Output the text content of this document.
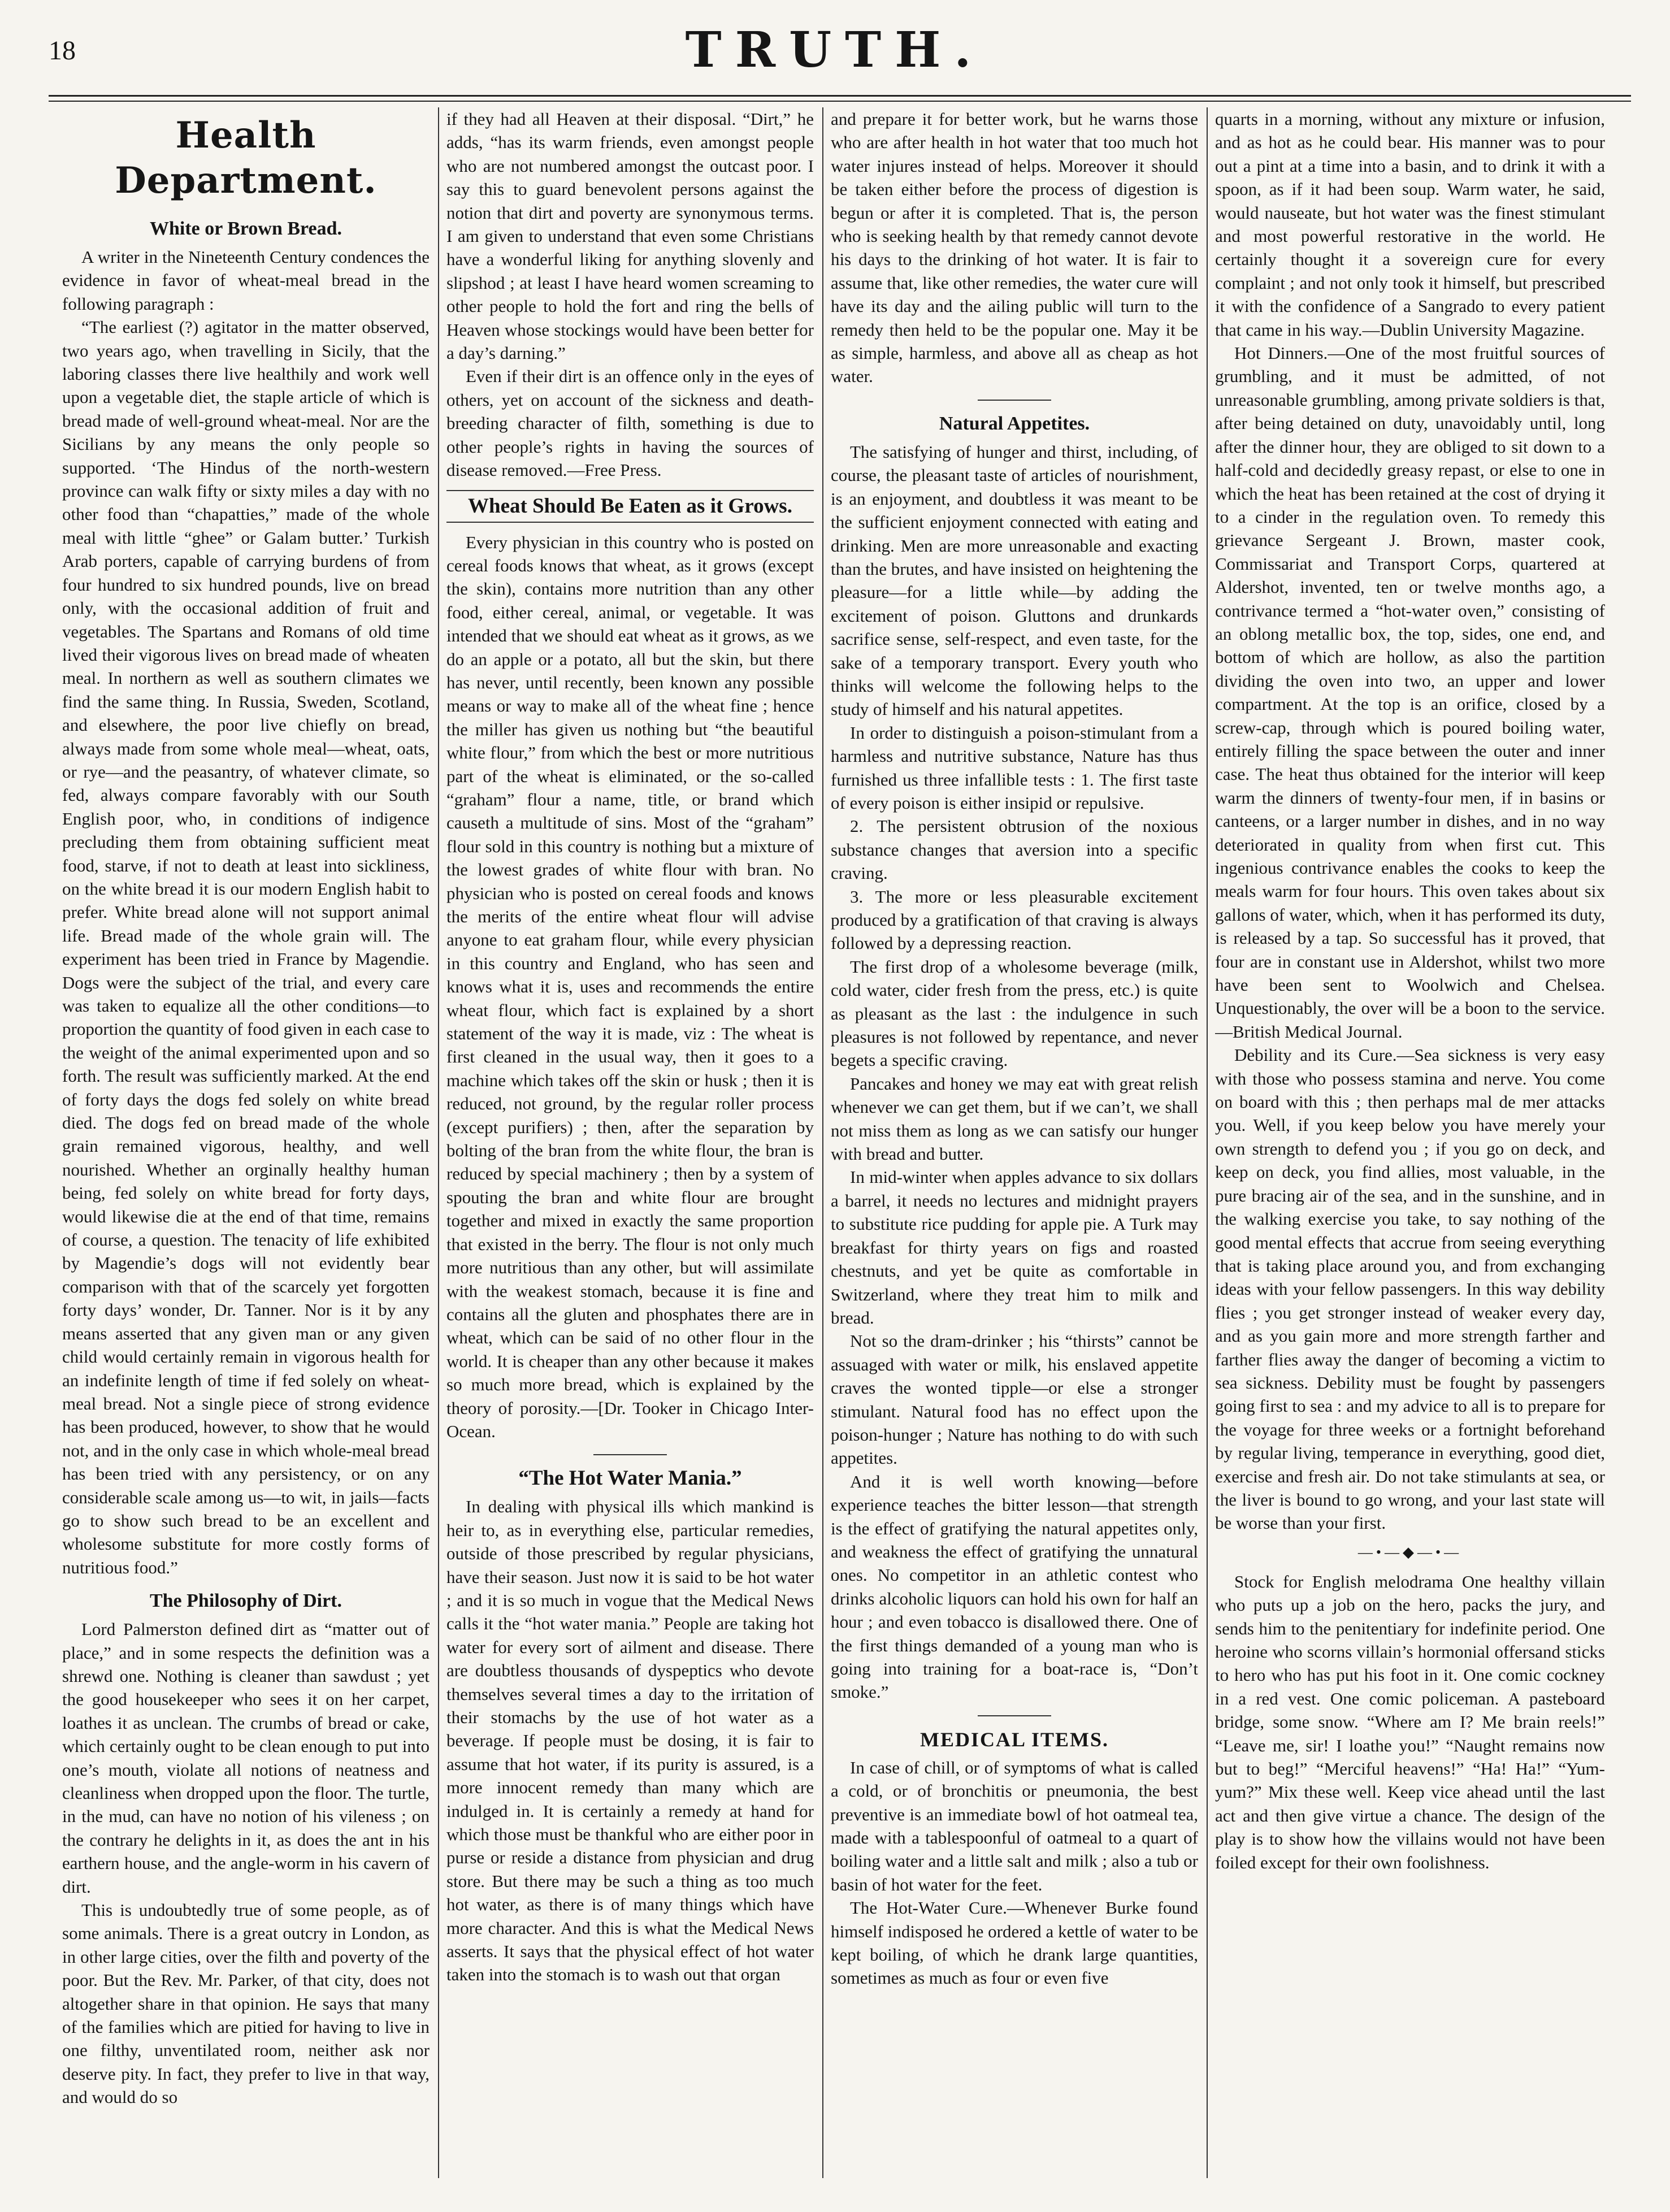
18	TRUTH.
Health Department.
White or Brown Bread.

A writer in the Nineteenth Century condences the evidence in favor of wheat-meal bread in the following paragraph :

“The earliest (?) agitator in the matter observed, two years ago, when travelling in Sicily, that the laboring classes there live healthily and work well upon a vegetable diet, the staple article of which is bread made of well-ground wheat-meal. Nor are the Sicilians by any means the only people so supported. ‘The Hindus of the north-western province can walk fifty or sixty miles a day with no other food than “chapatties,” made of the whole meal with little “ghee” or Galam butter.’ Turkish Arab porters, capable of carrying burdens of from four hundred to six hundred pounds, live on bread only, with the occasional addition of fruit and vegetables. The Spartans and Romans of old time lived their vigorous lives on bread made of wheaten meal. In northern as well as southern climates we find the same thing. In Russia, Sweden, Scotland, and elsewhere, the poor live chiefly on bread, always made from some whole meal—wheat, oats, or rye—and the peasantry, of whatever climate, so fed, always compare favorably with our South English poor, who, in conditions of indigence precluding them from obtaining sufficient meat food, starve, if not to death at least into sickliness, on the white bread it is our modern English habit to prefer. White bread alone will not support animal life. Bread made of the whole grain will. The experiment has been tried in France by Magendie. Dogs were the subject of the trial, and every care was taken to equalize all the other conditions—to proportion the quantity of food given in each case to the weight of the animal experimented upon and so forth. The result was sufficiently marked. At the end of forty days the dogs fed solely on white bread died. The dogs fed on bread made of the whole grain remained vigorous, healthy, and well nourished. Whether an orginally healthy human being, fed solely on white bread for forty days, would likewise die at the end of that time, remains of course, a question. The tenacity of life exhibited by Magendie’s dogs will not evidently bear comparison with that of the scarcely yet forgotten forty days’ wonder, Dr. Tanner. Nor is it by any means asserted that any given man or any given child would certainly remain in vigorous health for an indefinite length of time if fed solely on wheat-meal bread. Not a single piece of strong evidence has been produced, however, to show that he would not, and in the only case in which whole-meal bread has been tried with any persistency, or on any considerable scale among us—to wit, in jails—facts go to show such bread to be an excellent and wholesome substitute for more costly forms of nutritious food.”

The Philosophy of Dirt.

Lord Palmerston defined dirt as “matter out of place,” and in some respects the definition was a shrewd one. Nothing is cleaner than sawdust ; yet the good housekeeper who sees it on her carpet, loathes it as unclean. The crumbs of bread or cake, which certainly ought to be clean enough to put into one’s mouth, violate all notions of neatness and cleanliness when dropped upon the floor. The turtle, in the mud, can have no notion of his vileness ; on the contrary he delights in it, as does the ant in his earthern house, and the angle-worm in his cavern of dirt.

This is undoubtedly true of some people, as of some animals. There is a great outcry in London, as in other large cities, over the filth and poverty of the poor. But the Rev. Mr. Parker, of that city, does not altogether share in that opinion. He says that many of the families which are pitied for having to live in one filthy, unventilated room, neither ask nor deserve pity. In fact, they prefer to live in that way, and would do so

if they had all Heaven at their disposal. “Dirt,” he adds, “has its warm friends, even amongst people who are not numbered amongst the outcast poor. I say this to guard benevolent persons against the notion that dirt and poverty are synonymous terms. I am given to understand that even some Christians have a wonderful liking for anything slovenly and slipshod ; at least I have heard women screaming to other people to hold the fort and ring the bells of Heaven whose stockings would have been better for a day’s darning.”

Even if their dirt is an offence only in the eyes of others, yet on account of the sickness and death-breeding character of filth, something is due to other people’s rights in having the sources of disease removed.—Free Press.

Wheat Should Be Eaten as it Grows.

Every physician in this country who is posted on cereal foods knows that wheat, as it grows (except the skin), contains more nutrition than any other food, either cereal, animal, or vegetable. It was intended that we should eat wheat as it grows, as we do an apple or a potato, all but the skin, but there has never, until recently, been known any possible means or way to make all of the wheat fine ; hence the miller has given us nothing but “the beautiful white flour,” from which the best or more nutritious part of the wheat is eliminated, or the so-called “graham” flour a name, title, or brand which causeth a multitude of sins. Most of the “graham” flour sold in this country is nothing but a mixture of the lowest grades of white flour with bran. No physician who is posted on cereal foods and knows the merits of the entire wheat flour will advise anyone to eat graham flour, while every physician in this country and England, who has seen and knows what it is, uses and recommends the entire wheat flour, which fact is explained by a short statement of the way it is made, viz : The wheat is first cleaned in the usual way, then it goes to a machine which takes off the skin or husk ; then it is reduced, not ground, by the regular roller process (except purifiers) ; then, after the separation by bolting of the bran from the white flour, the bran is reduced by special machinery ; then by a system of spouting the bran and white flour are brought together and mixed in exactly the same proportion that existed in the berry. The flour is not only much more nutritious than any other, but will assimilate with the weakest stomach, because it is fine and contains all the gluten and phosphates there are in wheat, which can be said of no other flour in the world. It is cheaper than any other because it makes so much more bread, which is explained by the theory of porosity.—[Dr. Tooker in Chicago Inter-Ocean.

“The Hot Water Mania.”

In dealing with physical ills which mankind is heir to, as in everything else, particular remedies, outside of those prescribed by regular physicians, have their season. Just now it is said to be hot water ; and it is so much in vogue that the Medical News calls it the “hot water mania.” People are taking hot water for every sort of ailment and disease. There are doubtless thousands of dyspeptics who devote themselves several times a day to the irritation of their stomachs by the use of hot water as a beverage. If people must be dosing, it is fair to assume that hot water, if its purity is assured, is a more innocent remedy than many which are indulged in. It is certainly a remedy at hand for which those must be thankful who are either poor in purse or reside a distance from physician and drug store. But there may be such a thing as too much hot water, as there is of many things which have more character. And this is what the Medical News asserts. It says that the physical effect of hot water taken into the stomach is to wash out that organ

and prepare it for better work, but he warns those who are after health in hot water that too much hot water injures instead of helps. Moreover it should be taken either before the process of digestion is begun or after it is completed. That is, the person who is seeking health by that remedy cannot devote his days to the drinking of hot water. It is fair to assume that, like other remedies, the water cure will have its day and the ailing public will turn to the remedy then held to be the popular one. May it be as simple, harmless, and above all as cheap as hot water.

Natural Appetites.

The satisfying of hunger and thirst, including, of course, the pleasant taste of articles of nourishment, is an enjoyment, and doubtless it was meant to be the sufficient enjoyment connected with eating and drinking. Men are more unreasonable and exacting than the brutes, and have insisted on heightening the pleasure—for a little while—by adding the excitement of poison. Gluttons and drunkards sacrifice sense, self-respect, and even taste, for the sake of a temporary transport. Every youth who thinks will welcome the following helps to the study of himself and his natural appetites.

In order to distinguish a poison-stimulant from a harmless and nutritive substance, Nature has thus furnished us three infallible tests : 1. The first taste of every poison is either insipid or repulsive.

2. The persistent obtrusion of the noxious substance changes that aversion into a specific craving.

3. The more or less pleasurable excitement produced by a gratification of that craving is always followed by a depressing reaction.

The first drop of a wholesome beverage (milk, cold water, cider fresh from the press, etc.) is quite as pleasant as the last : the indulgence in such pleasures is not followed by repentance, and never begets a specific craving.

Pancakes and honey we may eat with great relish whenever we can get them, but if we can’t, we shall not miss them as long as we can satisfy our hunger with bread and butter.

In mid-winter when apples advance to six dollars a barrel, it needs no lectures and midnight prayers to substitute rice pudding for apple pie. A Turk may breakfast for thirty years on figs and roasted chestnuts, and yet be quite as comfortable in Switzerland, where they treat him to milk and bread.

Not so the dram-drinker ; his “thirsts” cannot be assuaged with water or milk, his enslaved appetite craves the wonted tipple—or else a stronger stimulant. Natural food has no effect upon the poison-hunger ; Nature has nothing to do with such appetites.

And it is well worth knowing—before experience teaches the bitter lesson—that strength is the effect of gratifying the natural appetites only, and weakness the effect of gratifying the unnatural ones. No competitor in an athletic contest who drinks alcoholic liquors can hold his own for half an hour ; and even tobacco is disallowed there. One of the first things demanded of a young man who is going into training for a boat-race is, “Don’t smoke.”

MEDICAL ITEMS.

In case of chill, or of symptoms of what is called a cold, or of bronchitis or pneumonia, the best preventive is an immediate bowl of hot oatmeal tea, made with a tablespoonful of oatmeal to a quart of boiling water and a little salt and milk ; also a tub or basin of hot water for the feet.

The Hot-Water Cure.—Whenever Burke found himself indisposed he ordered a kettle of water to be kept boiling, of which he drank large quantities, sometimes as much as four or even five

quarts in a morning, without any mixture or infusion, and as hot as he could bear. His manner was to pour out a pint at a time into a basin, and to drink it with a spoon, as if it had been soup. Warm water, he said, would nauseate, but hot water was the finest stimulant and most powerful restorative in the world. He certainly thought it a sovereign cure for every complaint ; and not only took it himself, but prescribed it with the confidence of a Sangrado to every patient that came in his way.—Dublin University Magazine.

Hot Dinners.—One of the most fruitful sources of grumbling, and it must be admitted, of not unreasonable grumbling, among private soldiers is that, after being detained on duty, unavoidably until, long after the dinner hour, they are obliged to sit down to a half-cold and decidedly greasy repast, or else to one in which the heat has been retained at the cost of drying it to a cinder in the regulation oven. To remedy this grievance Sergeant J. Brown, master cook, Commissariat and Transport Corps, quartered at Aldershot, invented, ten or twelve months ago, a contrivance termed a “hot-water oven,” consisting of an oblong metallic box, the top, sides, one end, and bottom of which are hollow, as also the partition dividing the oven into two, an upper and lower compartment. At the top is an orifice, closed by a screw-cap, through which is poured boiling water, entirely filling the space between the outer and inner case. The heat thus obtained for the interior will keep warm the dinners of twenty-four men, if in basins or canteens, or a larger number in dishes, and in no way deteriorated in quality from when first cut. This ingenious contrivance enables the cooks to keep the meals warm for four hours. This oven takes about six gallons of water, which, when it has performed its duty, is released by a tap. So successful has it proved, that four are in constant use in Aldershot, whilst two more have been sent to Woolwich and Chelsea. Unquestionably, the over will be a boon to the service.—British Medical Journal.

Debility and its Cure.—Sea sickness is very easy with those who possess stamina and nerve. You come on board with this ; then perhaps mal de mer attacks you. Well, if you keep below you have merely your own strength to defend you ; if you go on deck, and keep on deck, you find allies, most valuable, in the pure bracing air of the sea, and in the sunshine, and in the walking exercise you take, to say nothing of the good mental effects that accrue from seeing everything that is taking place around you, and from exchanging ideas with your fellow passengers. In this way debility flies ; you get stronger instead of weaker every day, and as you gain more and more strength farther and farther flies away the danger of becoming a victim to sea sickness. Debility must be fought by passengers going first to sea : and my advice to all is to prepare for the voyage for three weeks or a fortnight beforehand by regular living, temperance in everything, good diet, exercise and fresh air. Do not take stimulants at sea, or the liver is bound to go wrong, and your last state will be worse than your first.

—•—◆—•—

Stock for English melodrama One healthy villain who puts up a job on the hero, packs the jury, and sends him to the penitentiary for indefinite period. One heroine who scorns villain’s hormonial offersand sticks to hero who has put his foot in it. One comic cockney in a red vest. One comic policeman. A pasteboard bridge, some snow. “Where am I? Me brain reels!” “Leave me, sir! I loathe you!” “Naught remains now but to beg!” “Merciful heavens!” “Ha! Ha!” “Yum-yum?” Mix these well. Keep vice ahead until the last act and then give virtue a chance. The design of the play is to show how the villains would not have been foiled except for their own foolishness.
